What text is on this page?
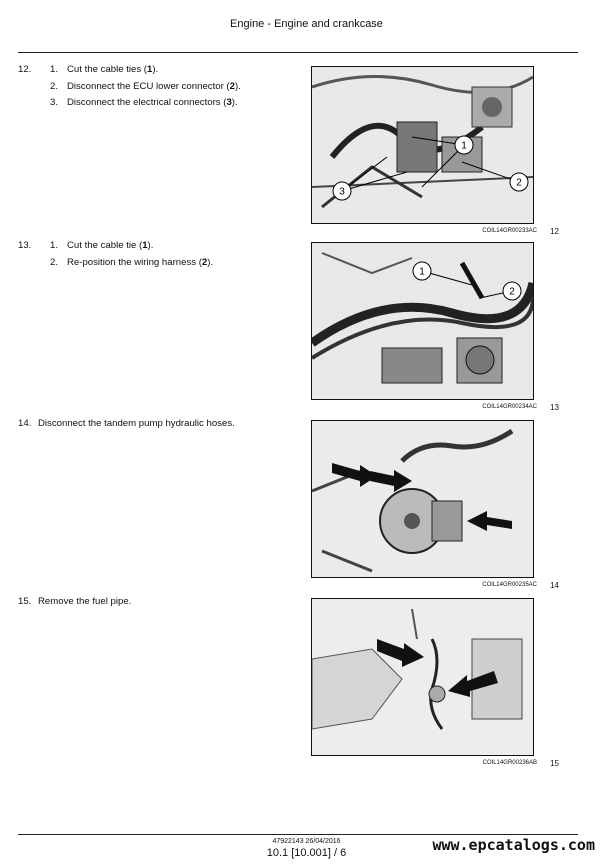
Engine - Engine and crankcase
12.	1. Cut the cable ties (1).
2. Disconnect the ECU lower connector (2).
3. Disconnect the electrical connectors (3).
1
2
3
COIL14GR00233AC 12
13.	1. Cut the cable tie (1).
2. Re-position the wiring harness (2).
1
2
COIL14GR00234AC 13
14. Disconnect the tandem pump hydraulic hoses.
COIL14GR00235AC 14
15. Remove the fuel pipe.
COIL14GR00236AB 15
47922143 26/04/2016
10.1 [10.001] / 6	www.epcatalogs.com
